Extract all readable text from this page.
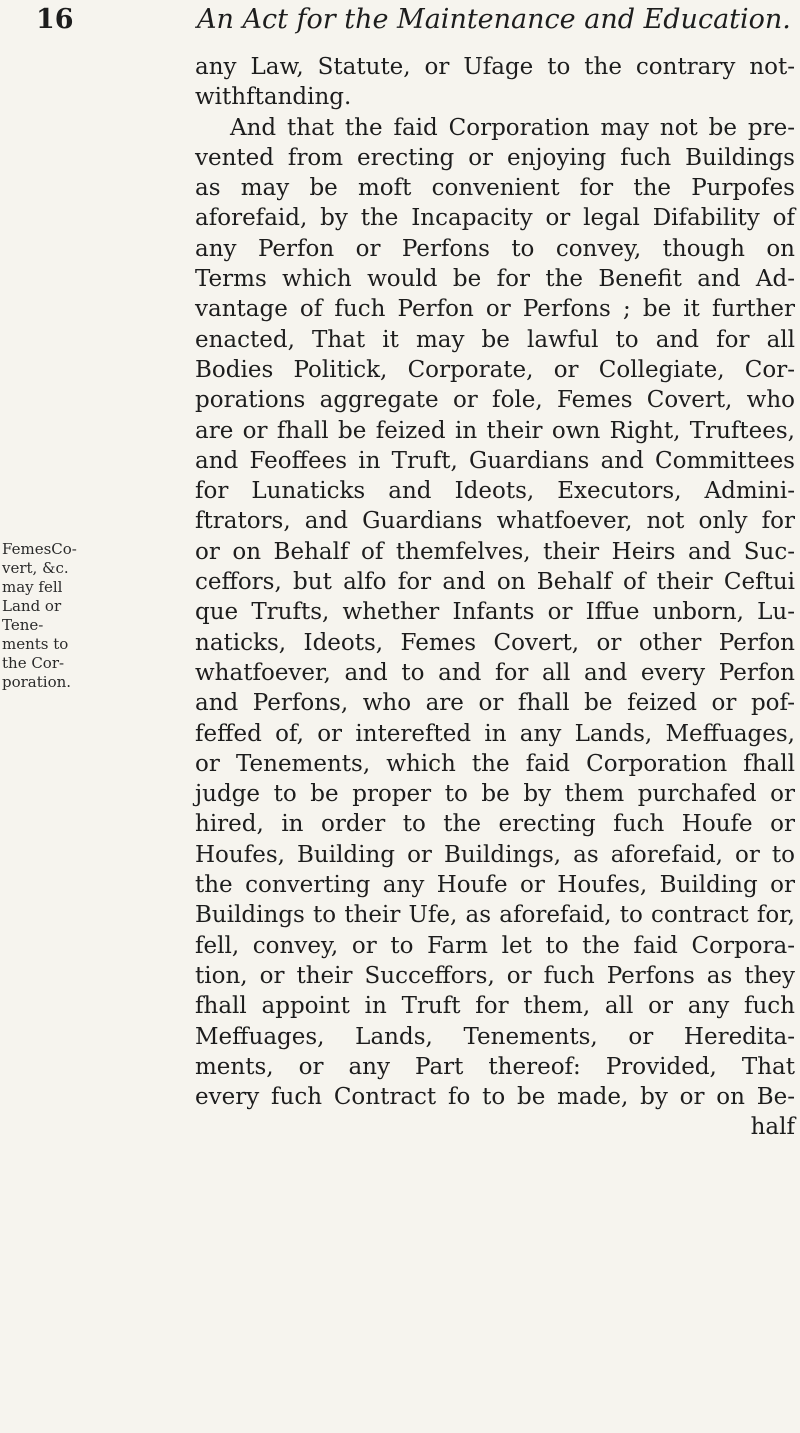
16	An Act for the Maintenance and Education.
FemesCo-
vert, &c.
may fell
Land or
Tene-
ments to
the Cor-
poration.
any Law, Statute, or Ufage to the contrary not-
withftanding.
And that the faid Corporation may not be pre-
vented from erecting or enjoying fuch Buildings
as may be moft convenient for the Purpofes
aforefaid, by the Incapacity or legal Difability of
any Perfon or Perfons to convey, though on
Terms which would be for the Benefit and Ad-
vantage of fuch Perfon or Perfons ; be it further
enacted, That it may be lawful to and for all
Bodies Politick, Corporate, or Collegiate, Cor-
porations aggregate or fole, Femes Covert, who
are or fhall be feized in their own Right, Truftees,
and Feoffees in Truft, Guardians and Committees
for Lunaticks and Ideots, Executors, Admini-
ftrators, and Guardians whatfoever, not only for
or on Behalf of themfelves, their Heirs and Suc-
ceffors, but alfo for and on Behalf of their Ceftui
que Trufts, whether Infants or Iffue unborn, Lu-
naticks, Ideots, Femes Covert, or other Perfon
whatfoever, and to and for all and every Perfon
and Perfons, who are or fhall be feized or pof-
feffed of, or interefted in any Lands, Meffuages,
or Tenements, which the faid Corporation fhall
judge to be proper to be by them purchafed or
hired, in order to the erecting fuch Houfe or
Houfes, Building or Buildings, as aforefaid, or to
the converting any Houfe or Houfes, Building or
Buildings to their Ufe, as aforefaid, to contract for,
fell, convey, or to Farm let to the faid Corpora-
tion, or their Succeffors, or fuch Perfons as they
fhall appoint in Truft for them, all or any fuch
Meffuages, Lands, Tenements, or Heredita-
ments, or any Part thereof: Provided, That
every fuch Contract fo to be made, by or on Be-
half
